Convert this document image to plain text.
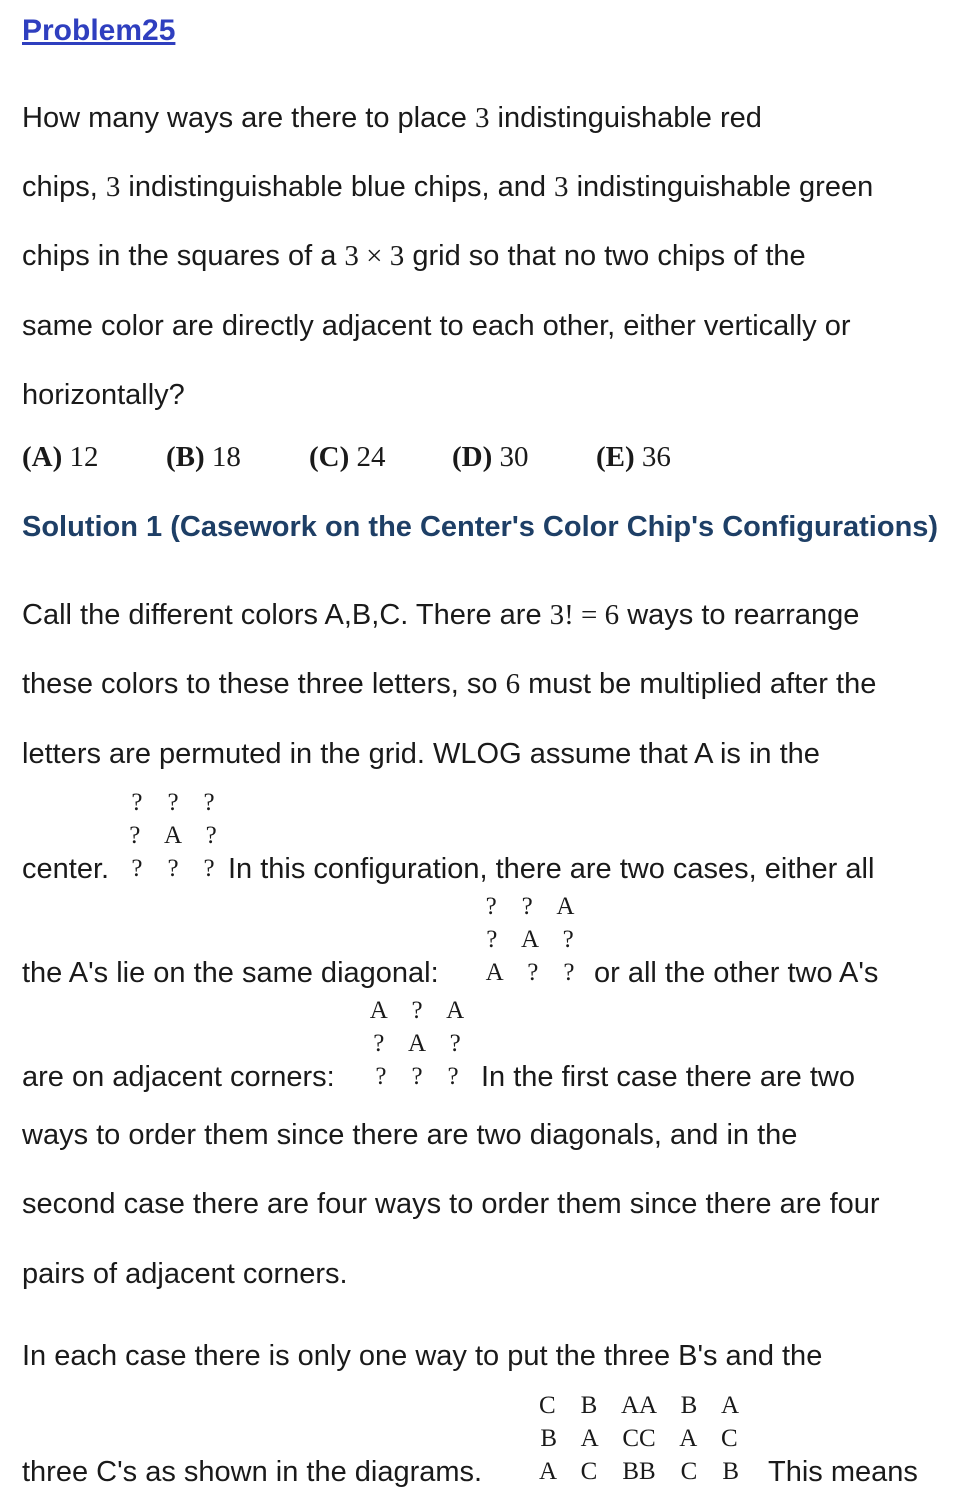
Problem25
How many ways are there to place 3 indistinguishable red
chips, 3 indistinguishable blue chips, and 3 indistinguishable green
chips in the squares of a 3 × 3 grid so that no two chips of the
same color are directly adjacent to each other, either vertically or
horizontally?
(A) 12 (B) 18 (C) 24 (D) 30 (E) 36
Solution 1 (Casework on the Center's Color Chip's Configurations)
Call the different colors A,B,C. There are 3! = 6 ways to rearrange
these colors to these three letters, so 6 must be multiplied after the
letters are permuted in the grid. WLOG assume that A is in the
center.
?    ?    ?
?    A    ?
?    ?    ? In this configuration, there are two cases, either all
the A's lie on the same diagonal:
?    ?    A
?    A    ?
A    ?    ? or all the other two A's
are on adjacent corners:
A    ?    A
?    A    ?
?    ?    ? In the first case there are two
ways to order them since there are two diagonals, and in the
second case there are four ways to order them since there are four
pairs of adjacent corners.
In each case there is only one way to put the three B's and the
three C's as shown in the diagrams.
C    B    AA    B    A
B    A    CC    A    C
A    C    BB    C    B This means
